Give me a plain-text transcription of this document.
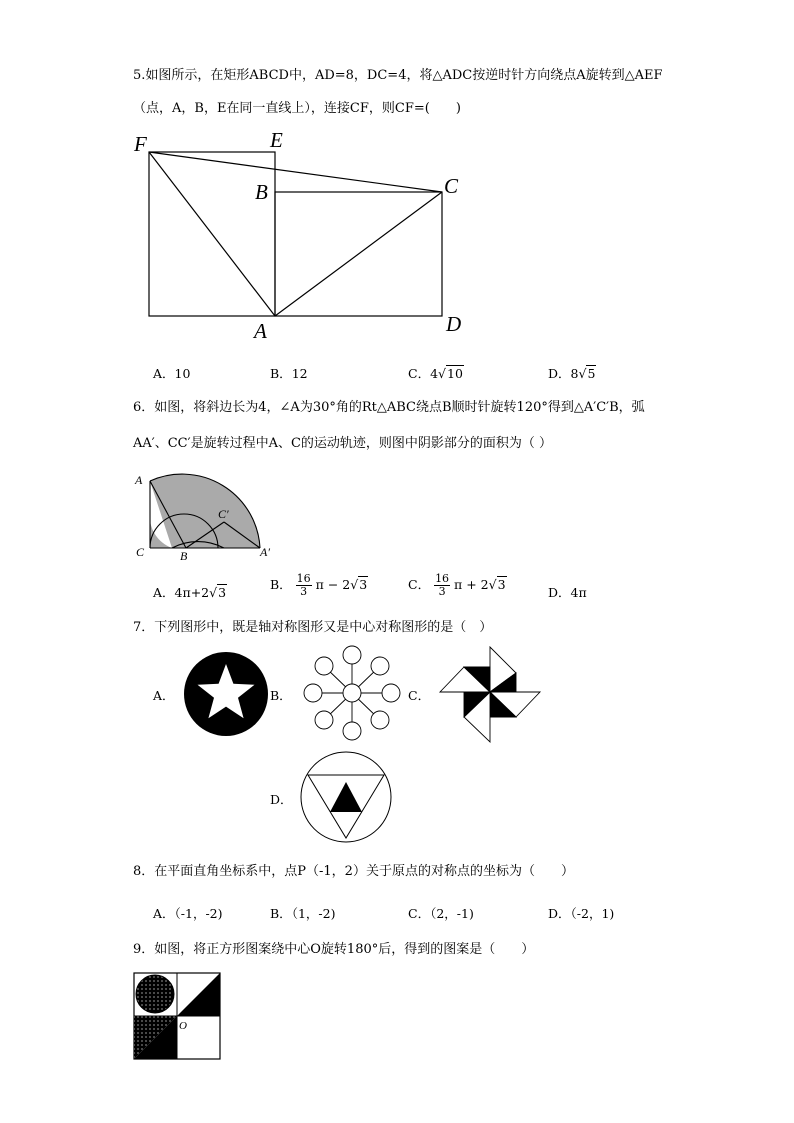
5.如图所示，在矩形ABCD中，AD=8，DC=4，将△ADC按逆时针方向绕点A旋转到△AEF
（点，A，B，E在同一直线上），连接CF，则CF=(　　)
F	E
B	C
A	D
A．10	B．12	C．4√10	D．8√5
6．如图，将斜边长为4，∠A为30°角的Rt△ABC绕点B顺时针旋转120°得到△A′C′B，弧
AA′、CC′是旋转过程中A、C的运动轨迹，则图中阴影部分的面积为（ ）
A
C′
C	B	A′
A．4π+2√3
B． $\frac{16}{3}$ π − 2√3	C． $\frac{16}{3}$ π + 2√3
D．4π
7．下列图形中，既是轴对称图形又是中心对称图形的是（　）
A．	B．	C．
D．
8．在平面直角坐标系中，点P（-1，2）关于原点的对称点的坐标为（　　）
A．（-1，-2)	B．（1，-2)	C．（2，-1)	D．（-2，1)
9．如图，将正方形图案绕中心O旋转180°后，得到的图案是（　　）
O
